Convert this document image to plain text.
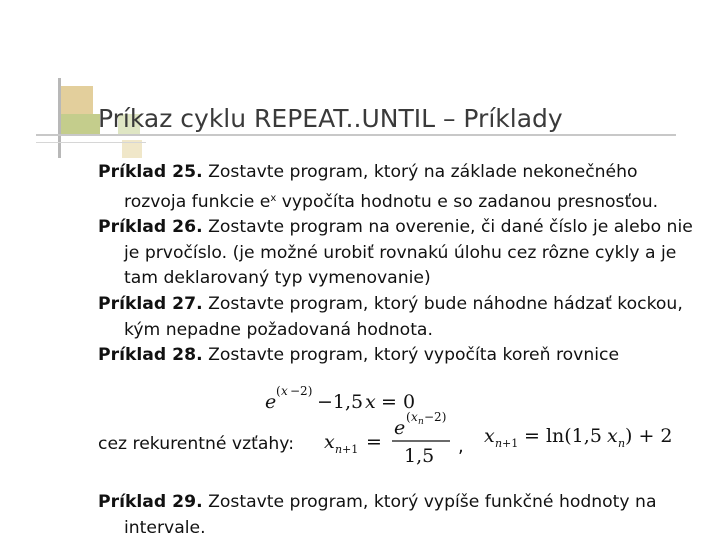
Príkaz cyklu REPEAT..UNTIL – Príklady

Príklad 25. Zostavte program, ktorý na základe nekonečného rozvoja funkcie $e^x$ vypočíta hodnotu e so zadanou presnosťou.

Príklad 26. Zostavte program na overenie, či dané číslo je alebo nie je prvočíslo. (je možné urobiť rovnakú úlohu cez rôzne cykly a je tam deklarovaný typ vymenovanie)

Príklad 27. Zostavte program, ktorý bude náhodne hádzať kockou, kým nepadne požadovaná hodnota.

Príklad 28. Zostavte program, ktorý vypočíta koreň rovnice

e ( x −2) −1,5 x = 0
cez rekurentné vzťahy: x n +1 =
e ( x n −2)
1,5 , x n +1 = ln(1,5 x n ) + 2

Príklad 29. Zostavte program, ktorý vypíše funkčné hodnoty na intervale.
